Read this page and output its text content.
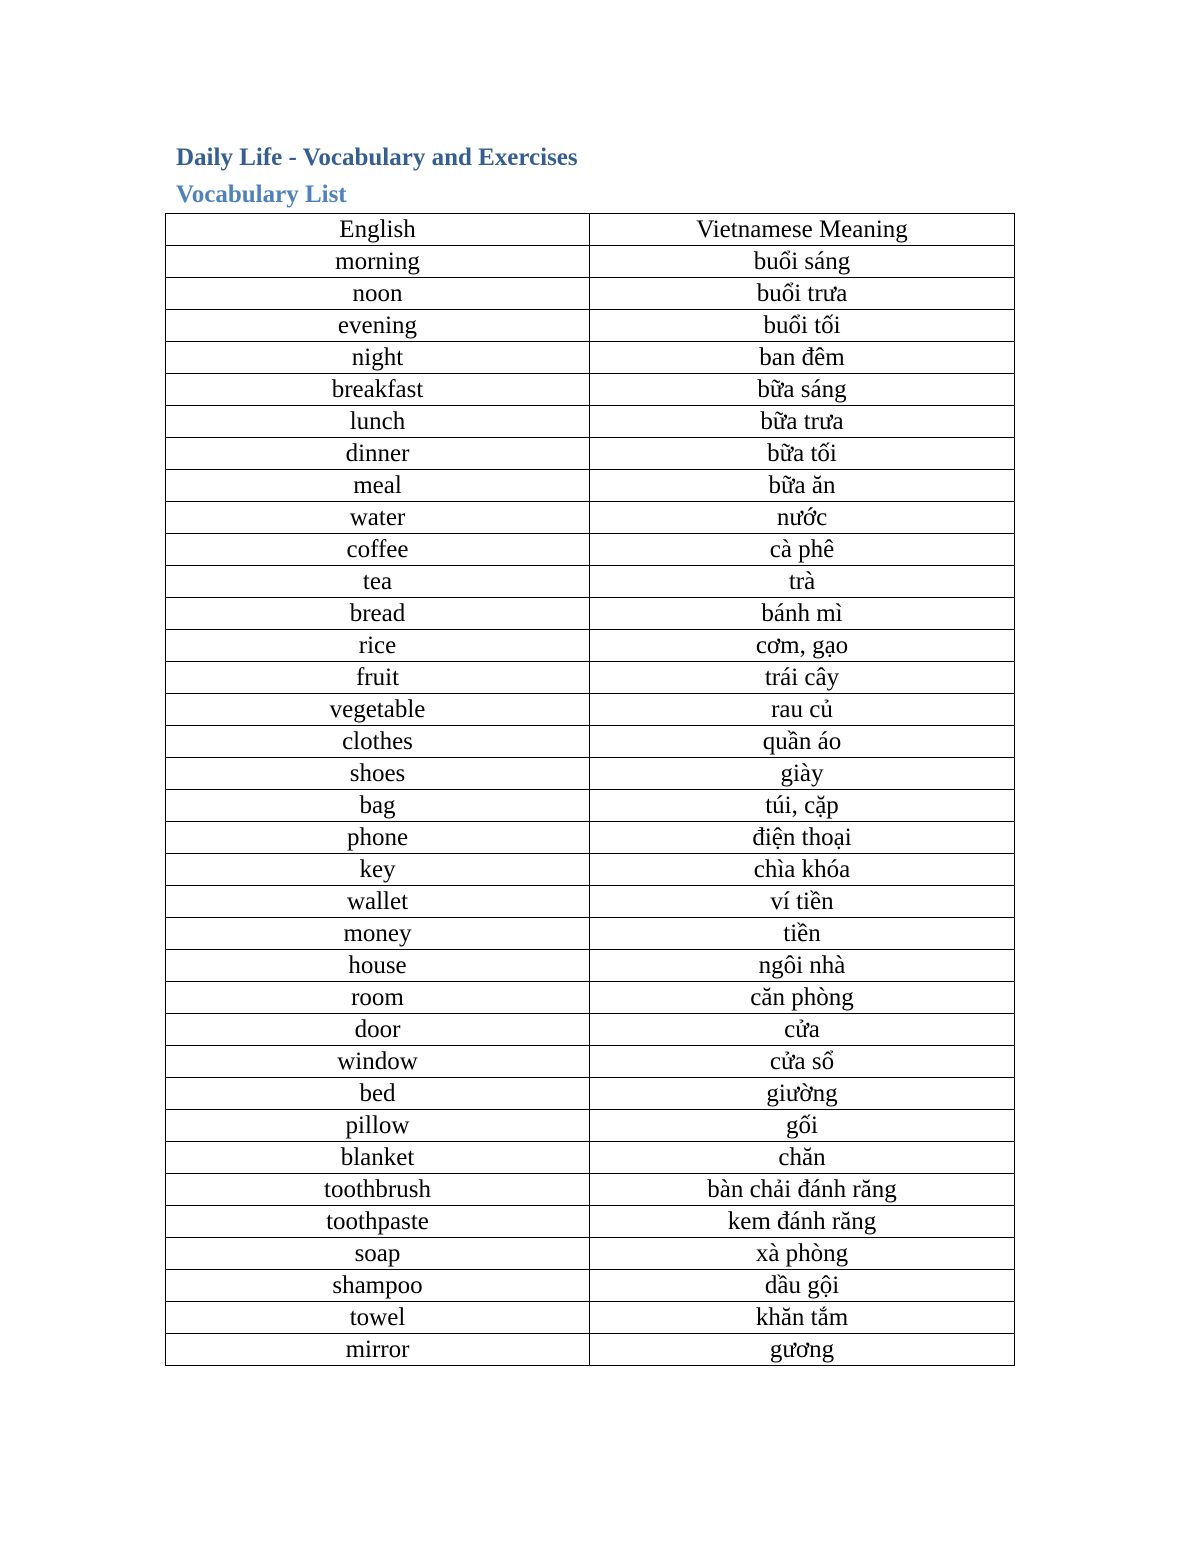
Daily Life - Vocabulary and Exercises
Vocabulary List
English	Vietnamese Meaning
morning	buổi sáng
noon	buổi trưa
evening	buổi tối
night	ban đêm
breakfast	bữa sáng
lunch	bữa trưa
dinner	bữa tối
meal	bữa ăn
water	nước
coffee	cà phê
tea	trà
bread	bánh mì
rice	cơm, gạo
fruit	trái cây
vegetable	rau củ
clothes	quần áo
shoes	giày
bag	túi, cặp
phone	điện thoại
key	chìa khóa
wallet	ví tiền
money	tiền
house	ngôi nhà
room	căn phòng
door	cửa
window	cửa sổ
bed	giường
pillow	gối
blanket	chăn
toothbrush	bàn chải đánh răng
toothpaste	kem đánh răng
soap	xà phòng
shampoo	dầu gội
towel	khăn tắm
mirror	gương
